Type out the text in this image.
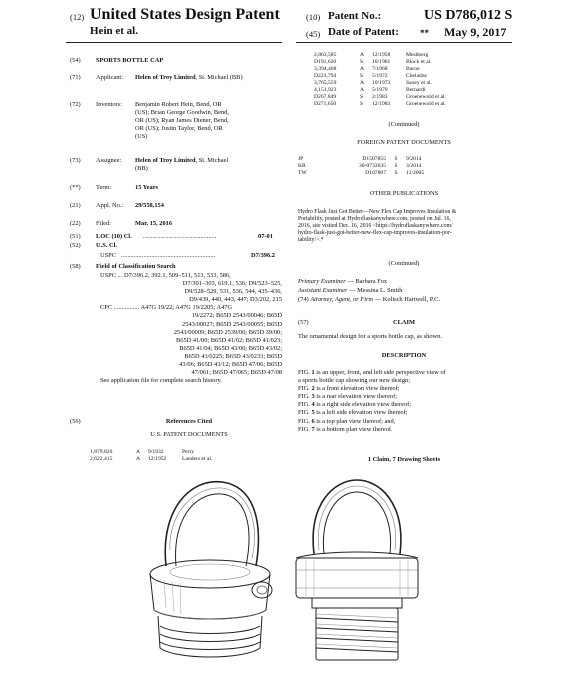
(12) United States Design Patent
Hein et al.
(10) Patent No.:	US D786,012 S
(45) Date of Patent: ** May 9, 2017
(54) SPORTS BOTTLE CAP
(71) Applicant: Helen of Troy Limited, St. Michael (BB)
(72) Inventors: Benjamin Robert Hein, Bend, OR
(US); Brian George Goodwin, Bend,
OR (US); Ryan James Diener, Bend,
OR (US); Justin Taylor, Bend, OR
(US)
(73) Assignee: Helen of Troy Limited, St. Michael
(BB)
(**) Term:	15 Years
(21) Appl. No.: 29/558,154
(22) Filed:	Mar. 15, 2016
(51) LOC (10) Cl. ..............................................	07-01
(52) U.S. Cl.
USPC ...........................................................	D7/396.2
(58) Field of Classification Search
USPC ... D7/396.2, 392.1, 509–511, 513, 533, 586,
D7/301–303, 619.1, 536; D9/523–525,
D9/528–529, 531, 536, 544, 435–436,
D9/439, 440, 443, 447; D3/202, 215
CPC ................ A47G 19/22; A47G 19/2205; A47G
19/2272; B65D 2543/00046; B65D
2543/00027; B65D 2543/00055; B65D
2543/00009; B65D 2539/00; B65D 39/00;
B65D 41/00; B65D 41/02; B65D 41/023;
B65D 41/04; B65D 43/00; B65D 43/02;
B65D 43/0225; B65D 43/0233; B65D
43/06; B65D 43/12; B65D 47/06; B65D
47/061; B65D 47/065; B65D 47/08
See application file for complete search history.
(56)	References Cited
U.S. PATENT DOCUMENTS
1,879,820	A 9/1932	Perry
2,622,415	A 12/1952	Landers et al.
2,863,585	A 12/1958	Meshberg
D191,620	S 10/1961	Block et al.
3,394,468	A 7/1968	Baron
D223,794	S 5/1972	Cheladze
3,765,559	A 10/1973	Saxey et al.
4,151,923	A 5/1979	Bernardi
D267,849	S 2/1983	Groenewold et al.
D271,650	S 12/1983	Groenewold et al.
(Continued)
FOREIGN PATENT DOCUMENTS
JP	D1507855 S 9/2014
KR	30-0733635 S 3/2014
TW	D107807 S 11/2005
OTHER PUBLICATIONS
Hydro Flask Just Got Better—New Flex Cap Improves Insulation &
Portability, posted at Hydroflaskanywhere.com, posted on Jul. 16,
2016, site visited Dec. 16, 2016 <https://hydroflaskanywhere.com/
hydro-flask-just-got-better-new-flex-cap-improves-insulation-por-
tability/>.*
(Continued)
Primary Examiner — Barbara Fox
Assistant Examiner — Messina L. Smith
(74) Attorney, Agent, or Firm — Kolisch Hartwell, P.C.
(57)	CLAIM
The ornamental design for a sports bottle cap, as shown.
DESCRIPTION
FIG. 1 is an upper, front, and left side perspective view of
a sports bottle cap showing our new design;
FIG. 2 is a front elevation view thereof;
FIG. 3 is a rear elevation view thereof;
FIG. 4 is a right side elevation view thereof;
FIG. 5 is a left side elevation view thereof;
FIG. 6 is a top plan view thereof; and,
FIG. 7 is a bottom plan view thereof.
1 Claim, 7 Drawing Sheets
